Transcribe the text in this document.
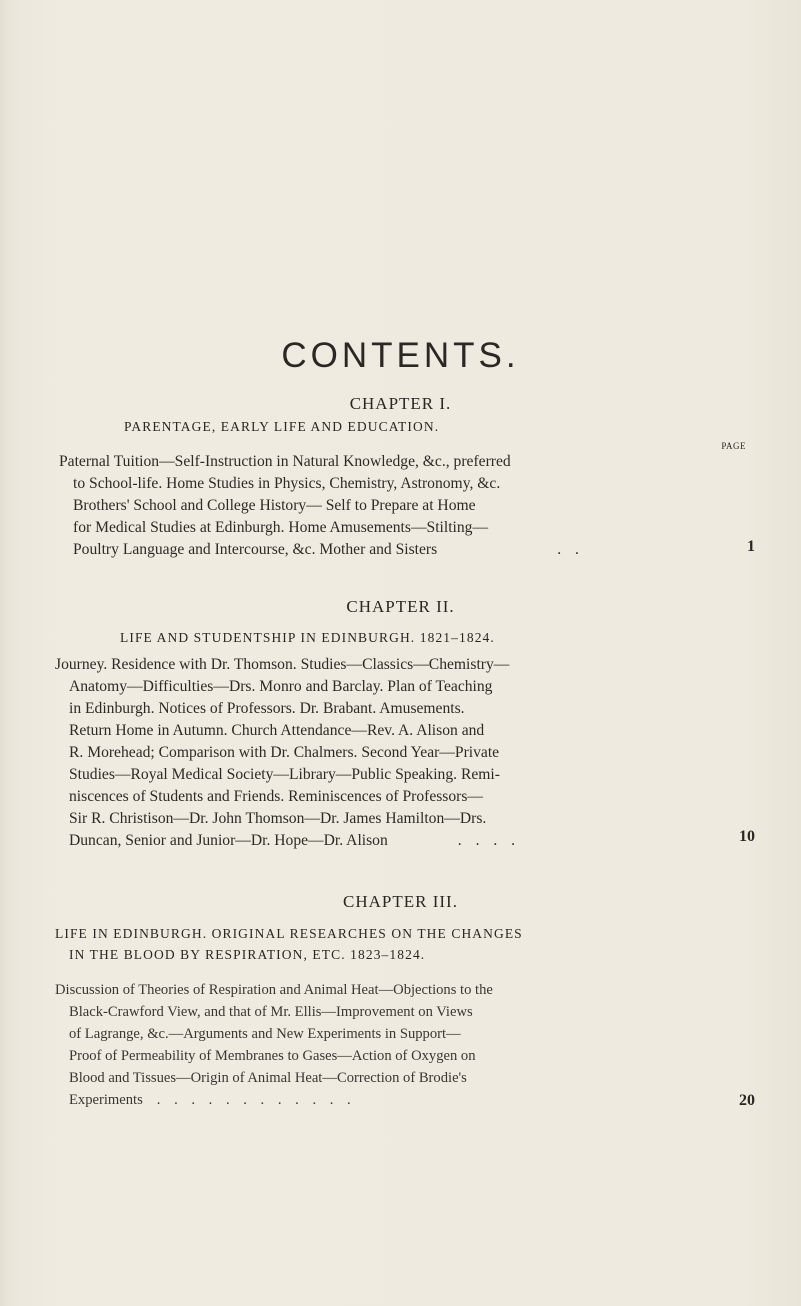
CONTENTS.
CHAPTER I.
PARENTAGE, EARLY LIFE AND EDUCATION.
PAGE
Paternal Tuition—Self-Instruction in Natural Knowledge, &c., preferred
to School-life. Home Studies in Physics, Chemistry, Astronomy, &c.
Brothers' School and College History— Self to Prepare at Home
for Medical Studies at Edinburgh. Home Amusements—Stilting—
Poultry Language and Intercourse, &c. Mother and Sisters	. .	1
CHAPTER II.
LIFE AND STUDENTSHIP IN EDINBURGH. 1821–1824.
Journey. Residence with Dr. Thomson. Studies—Classics—Chemistry—
Anatomy—Difficulties—Drs. Monro and Barclay. Plan of Teaching
in Edinburgh. Notices of Professors. Dr. Brabant. Amusements.
Return Home in Autumn. Church Attendance—Rev. A. Alison and
R. Morehead; Comparison with Dr. Chalmers. Second Year—Private
Studies—Royal Medical Society—Library—Public Speaking. Remi-
niscences of Students and Friends. Reminiscences of Professors—
Sir R. Christison—Dr. John Thomson—Dr. James Hamilton—Drs.
Duncan, Senior and Junior—Dr. Hope—Dr. Alison	. . . .	10
CHAPTER III.
LIFE IN EDINBURGH. ORIGINAL RESEARCHES ON THE CHANGES
IN THE BLOOD BY RESPIRATION, ETC. 1823–1824.
Discussion of Theories of Respiration and Animal Heat—Objections to the
Black-Crawford View, and that of Mr. Ellis—Improvement on Views
of Lagrange, &c.—Arguments and New Experiments in Support—
Proof of Permeability of Membranes to Gases—Action of Oxygen on
Blood and Tissues—Origin of Animal Heat—Correction of Brodie's
Experiments . . . . . . . . . . . .	20
